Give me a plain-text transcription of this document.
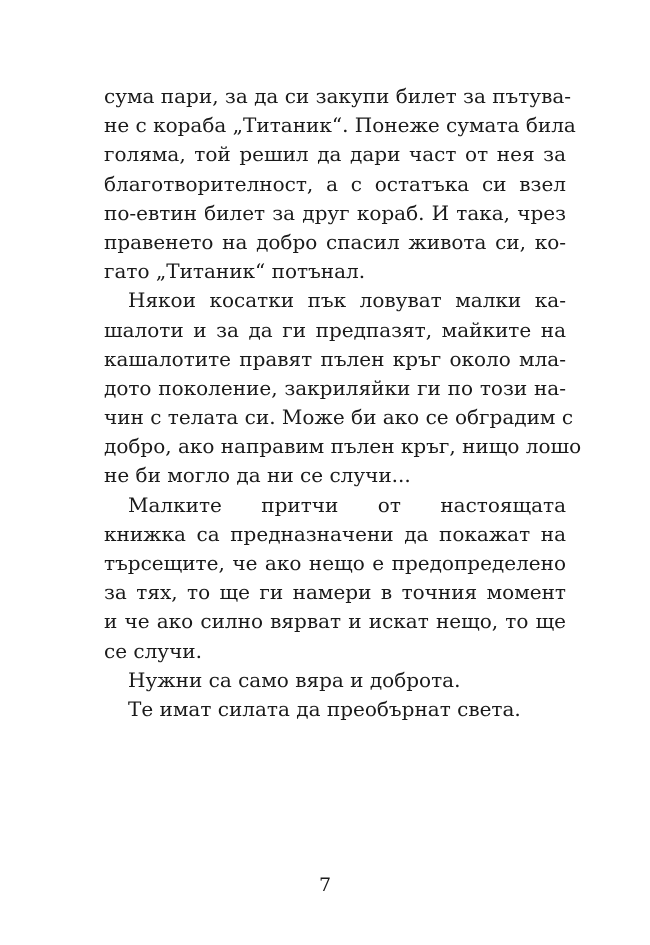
сума пари, за да си закупи билет за пътува-
не с кораба „Титаник“. Понеже сумата била
голяма, той решил да дари част от нея за
благотворителност, а с остатъка си взел
по-евтин билет за друг кораб. И така, чрез
правенето на добро спасил живота си, ко-
гато „Титаник“ потънал.
Някои косатки пък ловуват малки ка-
шалоти и за да ги предпазят, майките на
кашалотите правят пълен кръг около мла-
дото поколение, закриляйки ги по този на-
чин с телата си. Може би ако се обградим с
добро, ако направим пълен кръг, нищо лошо
не би могло да ни се случи...
Малките притчи от настоящата
книжка са предназначени да покажат на
търсещите, че ако нещо е предопределено
за тях, то ще ги намери в точния момент
и че ако силно вярват и искат нещо, то ще
се случи.
Нужни са само вяра и доброта.
Те имат силата да преобърнат света.
7
